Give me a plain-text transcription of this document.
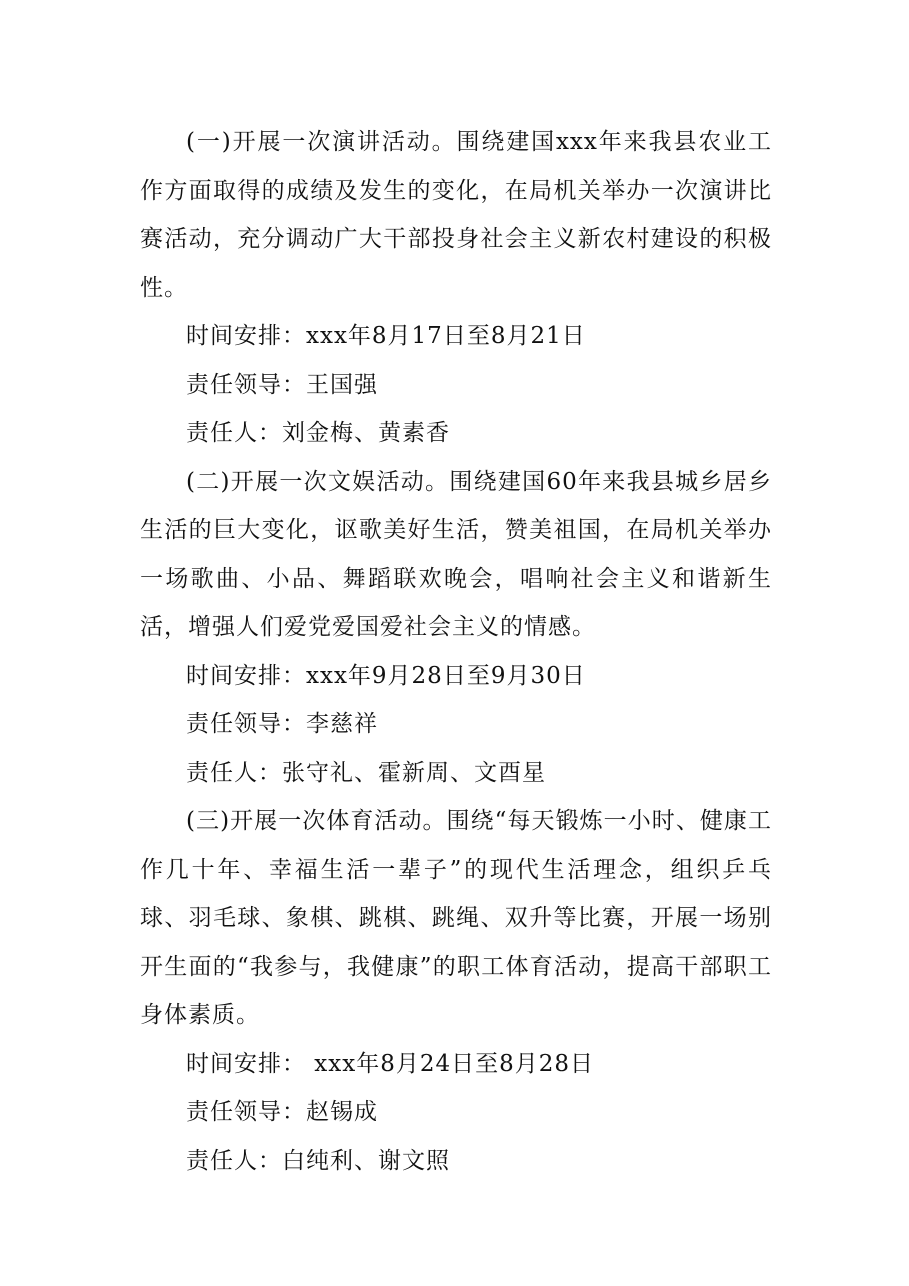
(一)开展一次演讲活动。围绕建国xxx年来我县农业工作方面取得的成绩及发生的变化，在局机关举办一次演讲比赛活动，充分调动广大干部投身社会主义新农村建设的积极性。

时间安排：xxx年8月17日至8月21日

责任领导：王国强

责任人：刘金梅、黄素香

(二)开展一次文娱活动。围绕建国60年来我县城乡居乡生活的巨大变化，讴歌美好生活，赞美祖国，在局机关举办一场歌曲、小品、舞蹈联欢晚会，唱响社会主义和谐新生活，增强人们爱党爱国爱社会主义的情感。

时间安排：xxx年9月28日至9月30日

责任领导：李慈祥

责任人：张守礼、霍新周、文酉星

(三)开展一次体育活动。围绕“每天锻炼一小时、健康工作几十年、幸福生活一辈子”的现代生活理念，组织乒乓球、羽毛球、象棋、跳棋、跳绳、双升等比赛，开展一场别开生面的“我参与，我健康”的职工体育活动，提高干部职工身体素质。

时间安排： xxx年8月24日至8月28日

责任领导：赵锡成

责任人：白纯利、谢文照
